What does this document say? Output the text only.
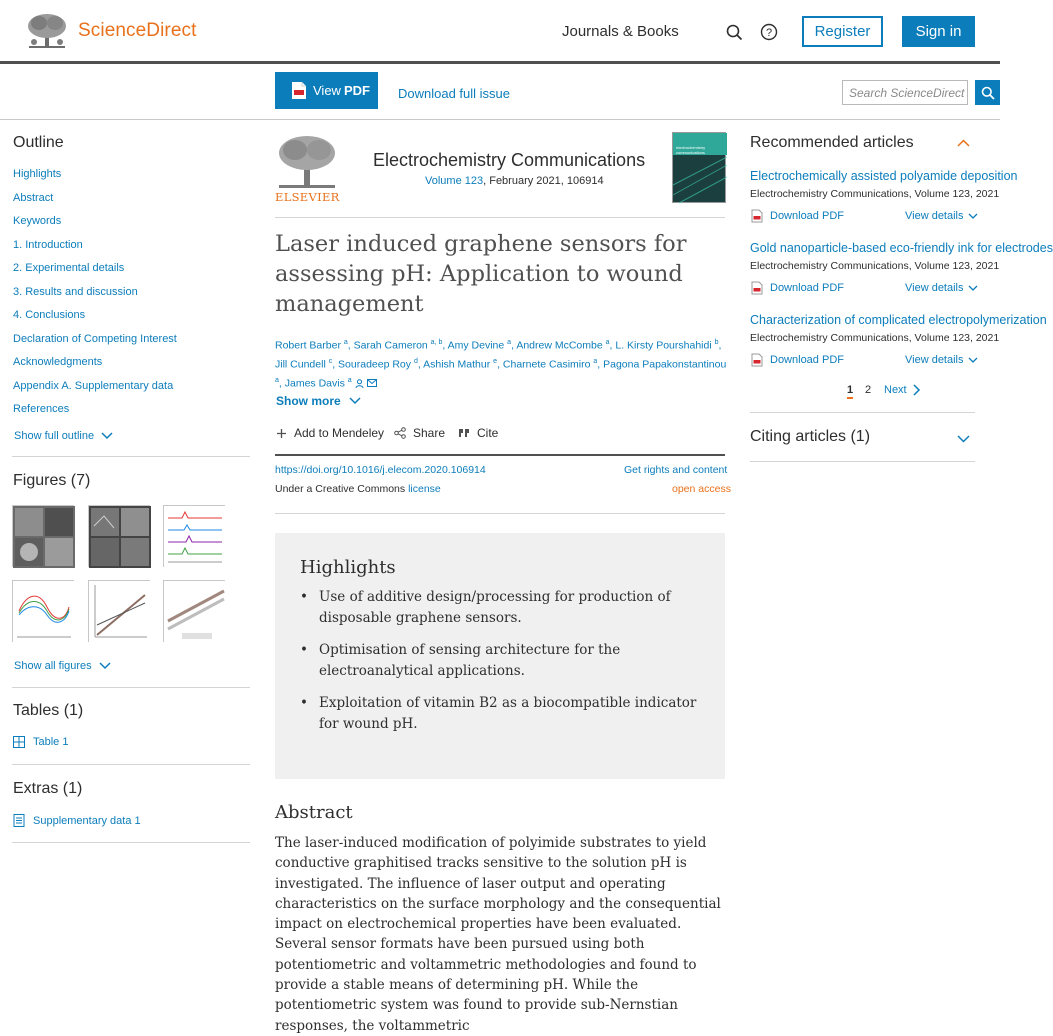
ScienceDirect	Journals & Books	?	Register	Sign in
View PDF Download full issue	Search ScienceDirect
Outline
Highlights
Abstract
Keywords
1. Introduction
2. Experimental details
3. Results and discussion
4. Conclusions
Declaration of Competing Interest
Acknowledgments
Appendix A. Supplementary data
References
Show full outline
Figures (7)
Show all figures
Tables (1)
Table 1
Extras (1)
Supplementary data 1
ELSEVIER
Electrochemistry Communications
Volume 123, February 2021, 106914
electrochemistry communications
Laser induced graphene sensors for assessing pH: Application to wound management
Robert Barber $^a$, Sarah Cameron $^{a, b}$, Amy Devine $^a$, Andrew McCombe $^a$, L. Kirsty Pourshahidi $^b$, Jill Cundell $^c$, Souradeep Roy $^d$, Ashish Mathur $^e$, Charnete Casimiro $^a$, Pagona Papakonstantinou $^a$, James Davis $^a$

Show more
Add to Mendeley Share	Cite
https://doi.org/10.1016/j.elecom.2020.106914	Get rights and content
Under a Creative Commons license	open access
Highlights
• Use of additive design/processing for production of disposable graphene sensors.
• Optimisation of sensing architecture for the electroanalytical applications.
• Exploitation of vitamin B2 as a biocompatible indicator for wound pH.
Abstract
The laser-induced modification of polyimide substrates to yield conductive graphitised tracks sensitive to the solution pH is investigated. The influence of laser output and operating characteristics on the surface morphology and the consequential impact on electrochemical properties have been evaluated. Several sensor formats have been pursued using both potentiometric and voltammetric methodologies and found to provide a stable means of determining pH. While the potentiometric system was found to provide sub-Nernstian responses, the voltammetric
Recommended articles
Electrochemically assisted polyamide deposition
Electrochemistry Communications, Volume 123, 2021
Download PDF	View details
Gold nanoparticle-based eco-friendly ink for electrodes
Electrochemistry Communications, Volume 123, 2021
Download PDF	View details
Characterization of complicated electropolymerization
Electrochemistry Communications, Volume 123, 2021
Download PDF	View details
1 2 Next
Citing articles (1)
